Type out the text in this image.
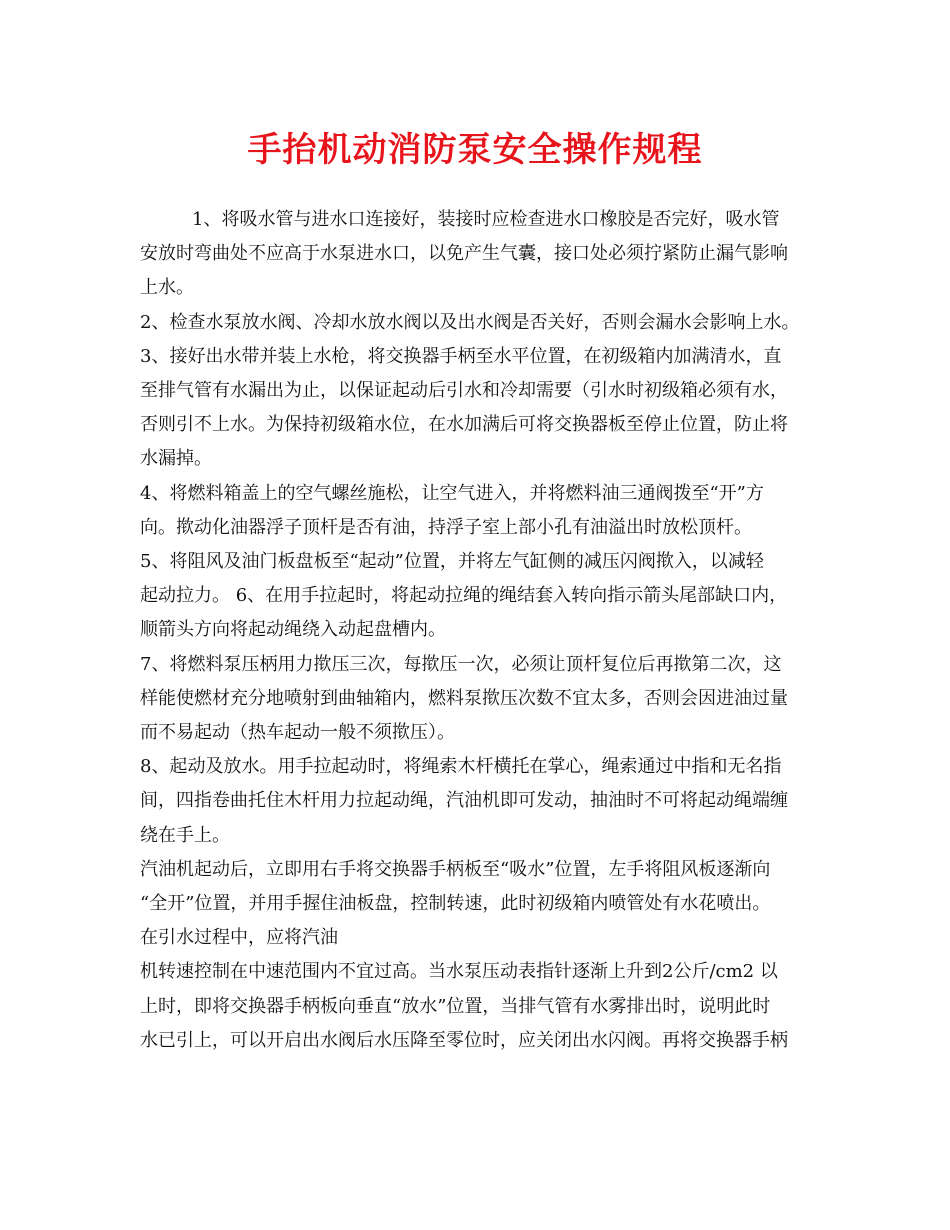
手抬机动消防泵安全操作规程
1、将吸水管与进水口连接好，装接时应检查进水口橡胶是否完好，吸水管
安放时弯曲处不应高于水泵进水口，以免产生气囊，接口处必须拧紧防止漏气影响
上水。
2、检查水泵放水阀、冷却水放水阀以及出水阀是否关好，否则会漏水会影响上水。
3、接好出水带并装上水枪，将交换器手柄至水平位置，在初级箱内加满清水，直
至排气管有水漏出为止，以保证起动后引水和冷却需要（引水时初级箱必须有水，
否则引不上水。为保持初级箱水位，在水加满后可将交换器板至停止位置，防止将
水漏掉。
4、将燃料箱盖上的空气螺丝施松，让空气进入，并将燃料油三通阀拨至“开”方
向。揿动化油器浮子顶杆是否有油，持浮子室上部小孔有油溢出时放松顶杆。
5、将阻风及油门板盘板至“起动”位置，并将左气缸侧的减压闪阀揿入，以减轻
起动拉力。 6、在用手拉起时，将起动拉绳的绳结套入转向指示箭头尾部缺口内，
顺箭头方向将起动绳绕入动起盘槽内。
7、将燃料泵压柄用力揿压三次，每揿压一次，必须让顶杆复位后再揿第二次，这
样能使燃材充分地喷射到曲轴箱内，燃料泵揿压次数不宜太多，否则会因进油过量
而不易起动（热车起动一般不须揿压）。
8、起动及放水。用手拉起动时，将绳索木杆横托在掌心，绳索通过中指和无名指
间，四指卷曲托住木杆用力拉起动绳，汽油机即可发动，抽油时不可将起动绳端缠
绕在手上。
汽油机起动后，立即用右手将交换器手柄板至“吸水”位置，左手将阻风板逐渐向
“全开”位置，并用手握住油板盘，控制转速，此时初级箱内喷管处有水花喷出。
在引水过程中，应将汽油
机转速控制在中速范围内不宜过高。当水泵压动表指针逐渐上升到2公斤/cm2 以
上时，即将交换器手柄板向垂直“放水”位置，当排气管有水雾排出时，说明此时
水已引上，可以开启出水阀后水压降至零位时，应关闭出水闪阀。再将交换器手柄
